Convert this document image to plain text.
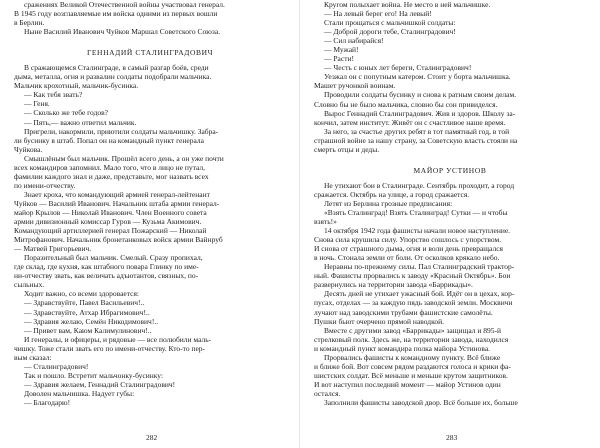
сражениях Великой Отечественной войны участвовал генерал.
В 1945 году возглавляемые им войска одними из первых вошли
в Берлин.
Ныне Василий Иванович Чуйков Маршал Советского Союза.
ГЕННАДИЙ СТАЛИНГРАДОВИЧ
В сражающемся Сталинграде, в самый разгар боёв, среди
дыма, металла, огня и развалин солдаты подобрали мальчика.
Мальчик крохотный, мальчик-бусинка.
— Как тебя звать?
— Геня.
— Сколько же тебе годов?
— Пять,— важно ответил мальчик.
Пригрели, накормили, приютили солдаты мальчишку. Забра-
ли бусинку в штаб. Попал он на командный пункт генерала
Чуйкова.
Смышлёным был мальчик. Прошёл всего день, а он уже почти
всех командиров запомнил. Мало того, что в лицо не путал,
фамилии каждого знал и даже, представьте, мог назвать всех
по имени-отчеству.
Знает кроха, что командующий армией генерал-лейтенант
Чуйков — Василий Иванович. Начальник штаба армии генерал-
майор Крылов — Николай Иванович. Член Военного совета
армии дивизионный комиссар Гуров — Кузьма Акимович.
Командующий артиллерией генерал Пожарский — Николай
Митрофанович. Начальник бронетанковых войск армии Вайнруб
— Матвей Григорьевич.
Поразительный был мальчик. Смелый. Сразу пропихал,
где склад, где кухня, как штабного повара Глинку по име-
ни-отчеству звать, как величать адъютантов, связных, по-
сыльных.
Ходит важно, со всеми здоровается:
— Здравствуйте, Павел Васильевич!..
— Здравствуйте, Атхар Ибрагимович!..
— Здравия желаю, Семён Никодимович!..
— Привет вам, Каюм Калимулинович!..
И генералы, и офицеры, и рядовые — все полюбили маль-
чишку. Тоже стали звать его по имени-отчеству. Кто-то пер-
вым сказал:
— Сталинградович!
Так и пошло. Встретит мальчонку-бусинку:
— Здравия желаем, Геннадий Сталинградович!
Доволен мальчишка. Надует губы:
— Благодарю!
Кругом полыхает война. Не место в ней мальчишке.
— На левый берег его! На левый!
Стали прощаться с мальчишкой солдаты:
— Доброй дороги тебе, Сталинградович!
— Сил набирайся!
— Мужай!
— Расти!
— Честь с юных лет береги, Сталинградович!
Уезжал он с попутным катером. Стоит у борта мальчишка.
Машет ручонкой воинам.
Проводили солдаты бусинку и снова к ратным своим делам.
Словно бы не было мальчика, словно бы сон привиделся.
Вырос Геннадий Сталинградович. Жив и здоров. Школу за-
кончил, затем институт. Живёт он с счастливое наше время.
За него, за счастье других ребят в тот памятный год, в той
страшной войне за нашу страну, за Советскую власть стояли на
смерть отцы и деды.
МАЙОР УСТИНОВ
Не утихают бои в Сталинграде. Сентябрь проходит, а город
сражается. Октябрь на улице, а город сражается.
Летят из Берлина грозные предписания:
«Взять Сталинград! Взять Сталинград! Сутки — и чтобы
взять!»
14 октября 1942 года фашисты начали новое наступление.
Снова сила крушила силу. Упорство сошлось с упорством.
И снова от страшного дыма, огня и воли день превращался
в ночь. Стонала земли от боли. От осколков крякало небо.
Неравны по-прежнему силы. Пал Сталинградский трактор-
ный. Фашисты прорвались к заводу «Красный Октябрь». Бои
развернулись на территории завода «Баррикады».
Десять дней не утихает ужасный бой. Идёт он в цехах, кор-
пусах, отделах — за каждую пядь заводской земли. Москвичи
лучают над заводскими трубами фашистские самолёты.
Пушки бьют очерчено прямой наводкой.
Вместе с другими завод «Баррикады» защищал и 895-й
стрелковый полк. Здесь же, на территории завода, находился
и командный пункт командира полка майора Устинова.
Прорвались фашисты к командному пункту. Всё ближе
и ближе бой. Вот совсем рядом раздаются голоса и крики фа-
шистских солдат. Всё меньше и меньше крутом защитников.
И вот наступил последний момент — майор Устинов один
остался.
Заполнили фашисты заводской двор. Всё больше их, больше
282	283
